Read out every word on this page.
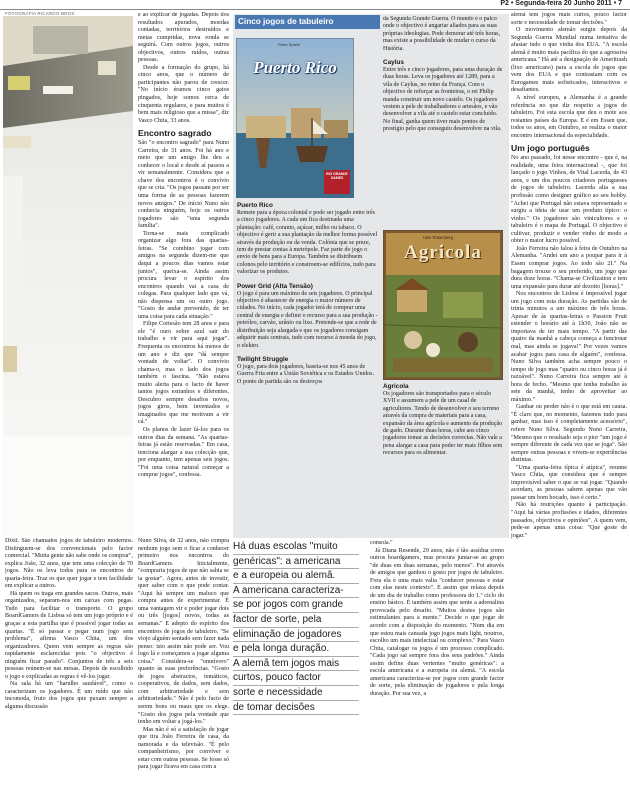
P2 • Segunda-feira 20 Junho 2011 • 7
FOTOGRAFIA RICARDO BROS

Dixit. São chamados jogos de tabuleiro modernos. Distinguem-se dos convencionais pelo factor comercial. "Muita gente não sabe onde os comprar", explica João, 32 anos, que tem uma colecção de 70 jogos. Não os leva todos para os encontros de quarta-feira. Traz os que quer jogar e tem facilidade em explicar a outros.

Há quem os traga em grandes sacos. Outros, mais organizados, separam-nos em caixas com pegas. Tudo para facilitar o transporte. O grupo BoardGamers de Lisboa só tem um jogo próprio e é graças a esta partilha que é possível jogar todas as quartas. "É só passar e pegar num jogo sem problema", afirma Vasco Chita, um dos organizadores. Quem vem sempre as regras são rapidamente esclarecidas pois "o objectivo é ninguém ficar parado". Conjuntos de três a seis pessoas reúnem-se nas mesas. Depois de escolhido o jogo e explicadas as regras é vê-los jogar.

Na sala há um "barulho saudável", como o caracterizam os jogadores. É um ruído que não incomoda, fruto dos jogos que puxam sempre a alguma discussão

e ao explicar de jogadas. Depois dos resultados apurados, moedas contadas, territórios destruídos e metas cumpridas, nova ronda se seguirá. Com outros jogos, outros objectivos, outros ruídos, outras pessoas.

Desde a formação do grupo, há cinco anos, que o número de participantes não parou de crescer. "No início éramos cinco gatos pingados, hoje somos cerca de cinquenta regulares, e para muitos é bem mais religioso que a missa", diz Vasco Chita, 33 anos.

Encontro sagrado

São "o encontro sagrado" para Nuno Carreira, de 31 anos. Foi há ano e meio que um amigo lhe deu a conhecer o local e desde aí passou a vir semanalmente. Considera que a chave dos encontros é o convívio que se cria. "Os jogos passam por ser uma forma de as pessoas fazerem novos amigos." De início Nuno não conhecia ninguém, hoje os outros jogadores são "uma segunda família".

Torna-se mais complicado organizar algo fora das quartas-feiras. "Se combino jogar com amigos na segunda dizem-me que daqui a poucos dias vamos estar juntos", queixa-se. Ainda assim procura levar o espírito dos encontros quando vai a casa de colegas. Para qualquer lado que vá, não dispensa um ou outro jogo. "Gosto de andar prevenido, de ter uma coisa para cada situação."

Filipe Cortesão tem 28 anos e para ele "é ouro sobre azul sair do trabalho e vir para aqui jogar". Frequenta os encontros há menos de um ano e diz que "dá sempre vontade de voltar". O convívio chama-o, mas o lado dos jogos também o fascina. "Não estava muito alerta para o facto de haver tantos jogos estranhos e diferentes. Descubro sempre desafios novos, jogos giros, bem inventados e imaginados que me motivam a vir cá."

Os planos de lazer fá-los para os outros dias da semana. "As quartas-feiras já estão reservadas." Em casa, tenciona alargar a sua colecção que, por enquanto, tem apenas seis jogos. "Foi uma coisa natural começar a comprar jogos", confessa.

Cinco jogos de tabuleiro
Rebe Spiele
Puerto Rico
RIO GRANDE GAMES
Puerto Rico
Remete para a época colonial e pode ser jogado entre três a cinco jogadores. A cada um fica destinada uma plantação: café, coranto, açúcar, milho ou tabaco. O objectivo é gerir a sua plantação da melhor forma possível através da produção ou da venda. Colónia que se preze, tem de prestar contas à metrópole. Faz parte do jogo o envio de bens para a Europa. Também se distribuem colonos pelo território e constroem-se edifícios, tudo para valorizar os produtos.
Power Grid (Alta Tensão)
O jogo é para um máximo de seis jogadores. O principal objectivo é abastecer de energia o maior número de cidades. No início, cada jogador terá de comprar uma central de energia e definir o recurso para a sua produção - petróleo, carvão, urânio ou lixo. Pretende-se que a rede de distribuição seja alargada e que os jogadores consigam adquirir mais centrais, tudo com recurso à moeda do jogo, o elektro.
Twilight Struggle
O jogo, para dois jogadores, baseia-se nos 45 anos de Guerra Fria entre a União Soviética e os Estados Unidos. O ponto de partida são os destroços
da Segunda Grande Guerra. O mundo é o palco onde o objectivo é angariar aliados para as suas próprias ideologias. Pode demorar até três horas, mas existe a possibilidade de mudar o curso da História.
Caylus
Entre três e cinco jogadores, para uma duração de duas horas. Leva os jogadores até 1289, para a vila de Caylus, no reino da França. Com o objectivo de reforçar as fronteiras, o rei Philip manda construir um novo castelo. Os jogadores vestem a pele de trabalhadores e artesãos, e vão desenvolver a vila até o castelo estar concluído. No final, ganha quem tiver mais pontos de prestígio pelo que conseguiu desenvolver na vila.
Uwe Rosenberg
Agricola
Agricola
Os jogadores são transportados para o século XVII e assumem a pele de um casal de agricultores. Tendo de desenvolver o seu terreno através da compra de materiais para a casa, expansão da área agrícola e aumento da produção de gado. Durante duas horas, cabe aos cinco jogadores tomar as decisões correctas. Não vale a pena alargar a casa para poder ter mais filhos sem recursos para os alimentar.
Há duas escolas "muito
genéricas": a americana
e a europeia ou alemã.
A americana caracteriza-
se por jogos com grande
factor de sorte, pela
eliminação de jogadores
e pela longa duração.
A alemã tem jogos mais
curtos, pouco factor
sorte e necessidade
de tomar decisões

consola."

Já Diana Resende, 29 anos, não é tão assídua como outros boardgamers, mas procura juntar-se ao grupo "de duas em duas semanas, pelo menos". Foi através de amigos que ganhou o gosto por jogos de tabuleiro. Fora ela é uma mais valia "conhecer pessoas e estar com elas neste contexto". E assim que relaxa depois de um dia de trabalho como professora do 1.º ciclo do ensino básico. É também assim que sente a adrenalina provocada pelo desafio. "Muitos destes jogos são estimulantes para a mente." Decide o que jogar de acordo com a disposição do momento. "Num dia em que estou mais cansada jogo jogos mais light, noutros, escolho um mais intelectual ou complexo." Para Vasco Chita, catalogar os jogos é um processo complicado. "Cada jogo sai sempre fora dos seus padrões." Ainda assim define duas vertentes "muito genéricas": a escola americana e a europeia ou alemã. "A escola americana caracteriza-se por jogos com grande factor de sorte, pela eliminação de jogadores e pela longa duração. Por sua vez, a

alemã tem jogos mais curtos, pouco factor sorte e necessidade de tomar decisões."

O movimento alemão surgiu depois da Segunda Guerra Mundial numa tentativa de afastar tudo o que vinha dos EUA. "A escola alemã é muito mais pacífica do que a agressiva americana." Há até a designação de Ameritrash (lixo americano) para a escola de jogos que vem dos EUA e que contrastam com os Eurogames mais sofisticados, interactivos e desafiantes.

A nível europeu, a Alemanha é a grande referência no que diz respeito a jogos de tabuleiro. Foi esta escola que deu o mote aos restantes países da Europa. E é em Essen que, todos os anos, em Outubro, se realiza o maior encontro internacional da especialidade.

Um jogo português

No ano passado, foi nesse encontro - que é, na realidade, uma feira internacional -, que foi lançado o jogo Vinhos, de Vital Lacerda, de 43 anos, e um dos poucos criadores portugueses de jogos de tabuleiro. Lacerda alia a sua profissão como designer gráfico ao seu hobby. "Achei que Portugal não estava representado e surgiu a ideia de usar um produto típico: o vinho." Os jogadores são vinicultores e o tabuleiro é o mapa de Portugal. O objectivo é cultivar, produzir e vender vinho de modo a obter o maior lucro possível.

João Ferreira não falou à feira de Outubro na Alemanha. "Andei um ano a poupar para ir à Essen comprar jogos. Ao todo são 2I." Na bagagem trouxe o seu preferido, um jogo que dura doze horas. "Chama-se Civilization e tem uma expansão para durar até dezoito [horas]."

Nos encontros de Lisboa é impossível jogar um jogo com esta duração. As partidas são de trinta minutos a um máximo de três horas. Apesar de às quartas-feiras o Passion Fruit estender o horário até à 1h30, João não se importava de ter mais tempo. "A partir das quatro da manhã a cabeça começa a funcionar mal, mas ainda se jogava!" Por vezes vamos acabar jogos para casa de alguém", confessa. Nuno Silva também acha sempre pouco o tempo de jogo mas "quatro ou cinco horas já é razoável". Nuno Carreira fica sempre até à hora de fecho. "Mesmo que tenha trabalho às sete da manhã, tenho de aproveitar ao máximo."

Ganhar ou perder não é o que está em causa. "É claro que, no momento, fazemos tudo para ganhar, mas isso é completamente acessório", refere Nuno Silva. Segundo Nuno Carreira, "Mesmo que o resultado seja o pior "um jogo é sempre diferente de cada vez que se joga". São sempre outras pessoas e vivem-se experiências distintas.

"Uma quarta-feira típica é atípica", resume Vasco Chita, que considera que é sempre imprevisível saber o que se vai jogar. "Quando acordam, as pessoas sabem apenas que vão passar um bom bocado, isso é certo."

Não há restrições quanto à participação. "Aqui há várias profissões e idades, diferentes passados, objectivos e opiniões". A quem vem, pede-se apenas uma coisa: "Que goste de jogar."

Nuno Silva, de 32 anos, não compra nenhum jogo sem o ficar a conhecer primeiro nos encontros do BoardGamers. Inicialmente, "compraria jogos de que não sabia se ia gostar". Agora, antes de investir, quer saber com o que pode contar. "Aqui há sempre um maluco que compra antes de experimentar. É uma vantagem vir e poder jogar dois ou três [jogos] novos, todas as semanas." E adepto do espírito dos encontros de jogos de tabuleiro. "Se viojo alguém sentado sem fazer nada penso: isto assim não pode ser. Vou logo lá e começamos a jogar alguma coisa." Considera-se "omnívoro" quanto às suas preferências. "Gosto de jogos abstractos, temáticos, cooperativos, de dados, sem dados, com arbitrariedade e sem arbitrariedade." Não é pelo facto de serem bons ou maus que os elege. "Gosto dos jogos pela vontade que tenho em voltar a jogá-los."

Mas não é só a satisfação de jogar que tira João Ferreira de casa, da namorada e da televisão. "É pelo companheirismo, por conviver e estar com outras pessoas. Se fosse só para jogar ficava em casa com a
